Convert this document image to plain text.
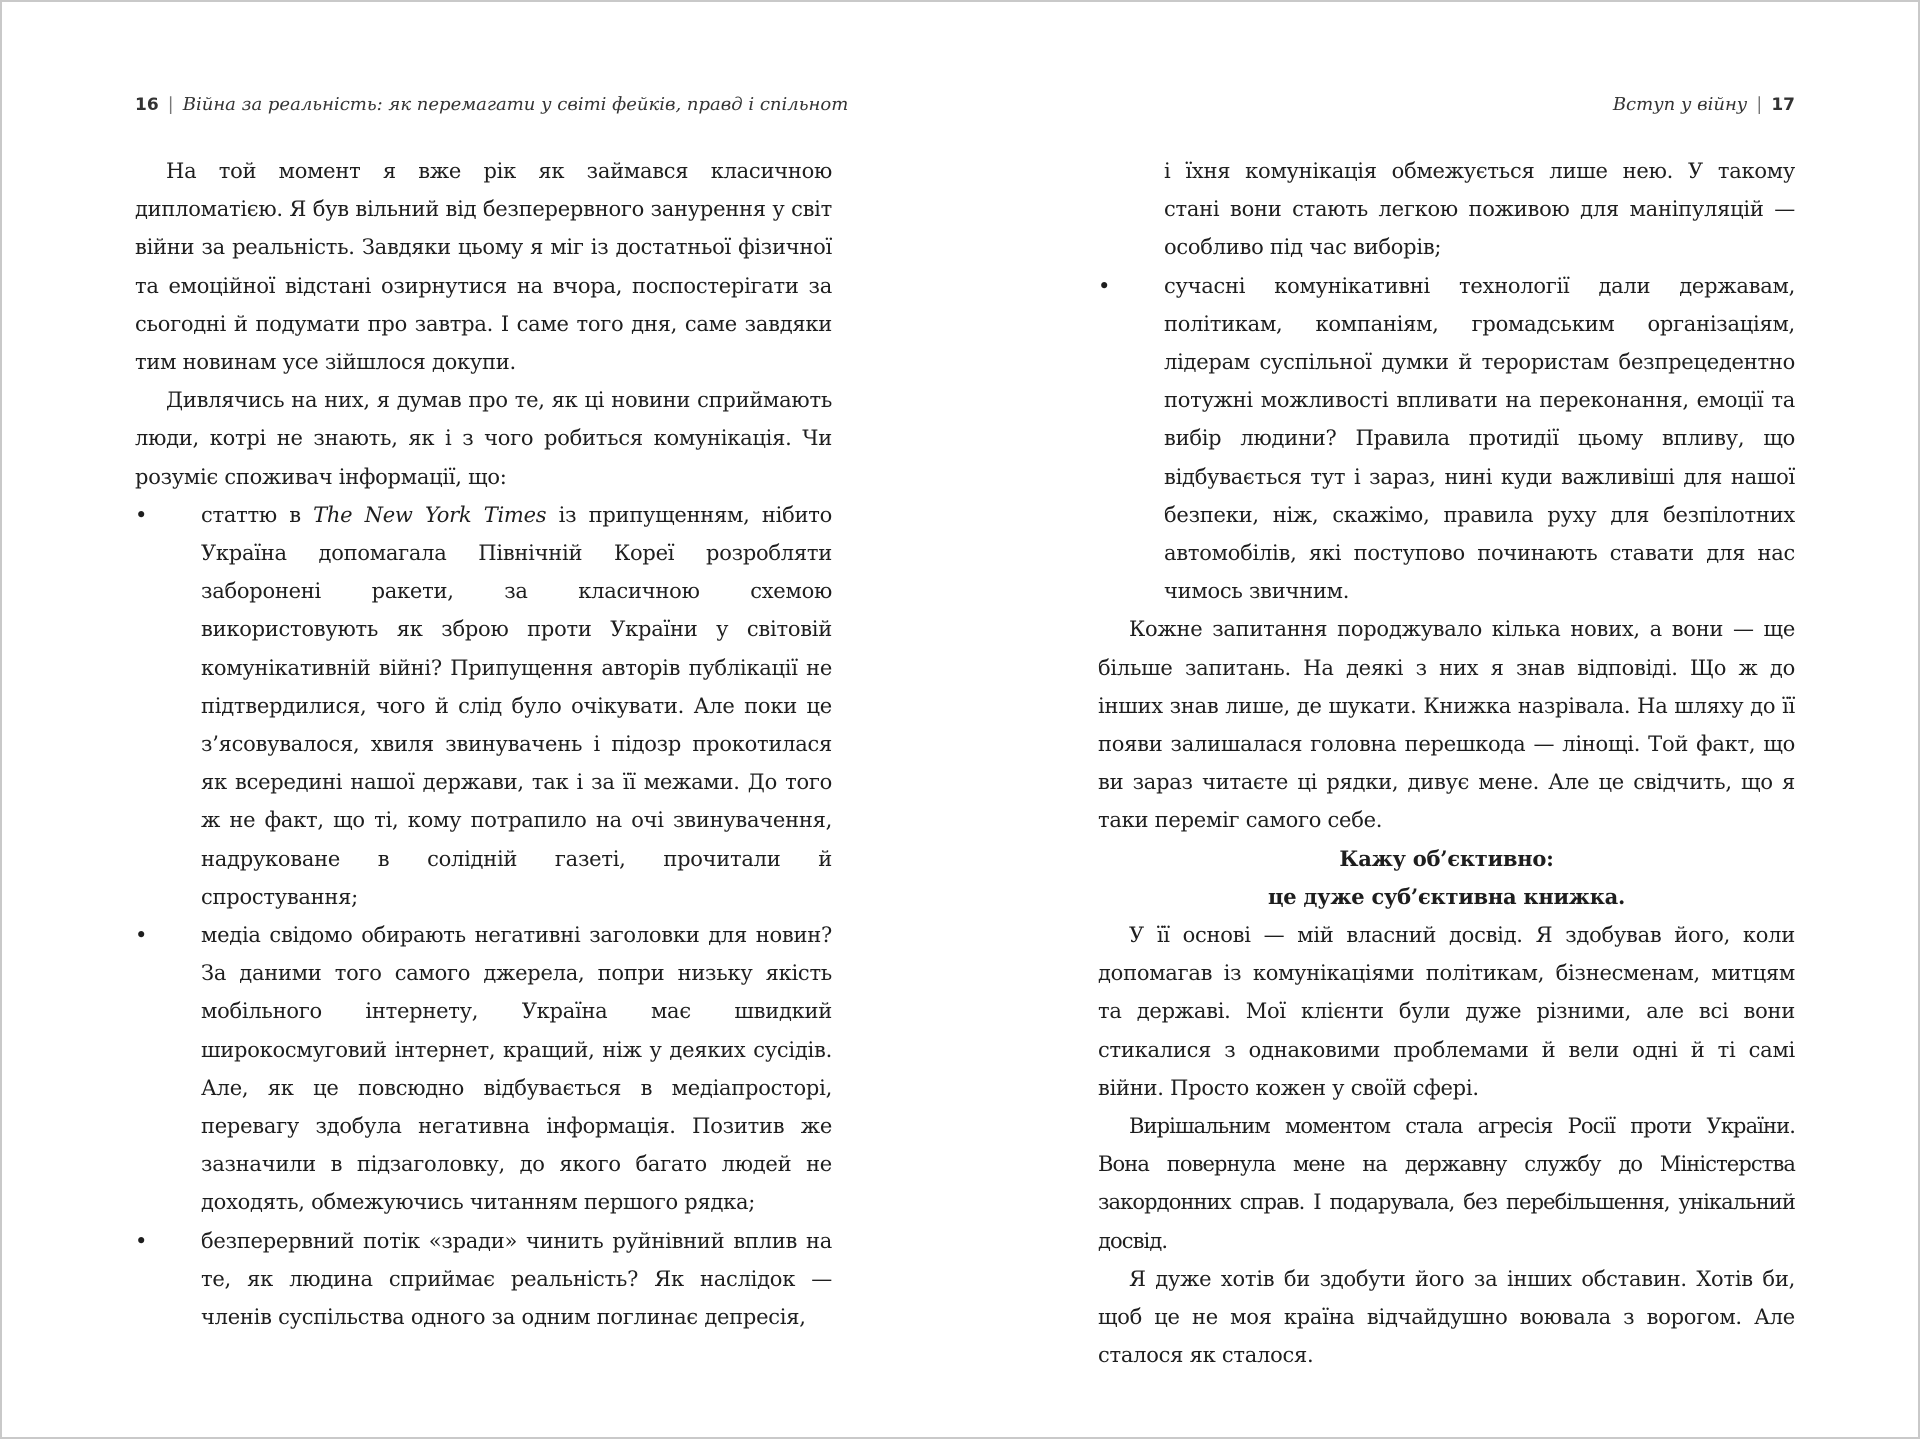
16 | Війна за реальність: як перемагати у світі фейків, правд і спільнот

На той момент я вже рік як займався класичною дипломатією. Я був вільний від безперервного занурення у світ війни за реальність. Завдяки цьому я міг із достатньої фізичної та емоційної відстані озирнутися на вчора, поспостерігати за сьогодні й подумати про завтра. І саме того дня, саме завдяки тим новинам усе зійшлося докупи.

Дивлячись на них, я думав про те, як ці новини сприймають люди, котрі не знають, як і з чого робиться комунікація. Чи розуміє споживач інформації, що:

•	статтю в The New York Times із припущенням, нібито Україна допомагала Північній Кореї розробляти заборонені ракети, за класичною схемою використовують як зброю проти України у світовій комунікативній війні? Припущення авторів публікації не підтвердилися, чого й слід було очікувати. Але поки це з’ясовувалося, хвиля звинувачень і підозр прокотилася як всередині нашої держави, так і за її межами. До того ж не факт, що ті, кому потрапило на очі звинувачення, надруковане в солідній газеті, прочитали й спростування;
•	медіа свідомо обирають негативні заголовки для новин? За даними того самого джерела, попри низьку якість мобільного інтернету, Україна має швидкий широкосмуговий інтернет, кращий, ніж у деяких сусідів. Але, як це повсюдно відбувається в медіапросторі, перевагу здобула негативна інформація. Позитив же зазначили в підзаголовку, до якого багато людей не доходять, обмежуючись читанням першого рядка;
•	безперервний потік «зради» чинить руйнівний вплив на те, як людина сприймає реальність? Як наслідок — членів суспільства одного за одним поглинає депресія,
Вступ у війну | 17
і їхня комунікація обмежується лише нею. У такому стані вони стають легкою поживою для маніпуляцій — особливо під час виборів;
•	сучасні комунікативні технології дали державам, політикам, компаніям, громадським організаціям, лідерам суспільної думки й терористам безпрецедентно потужні можливості впливати на переконання, емоції та вибір людини? Правила протидії цьому впливу, що відбувається тут і зараз, нині куди важливіші для нашої безпеки, ніж, скажімо, правила руху для безпілотних автомобілів, які поступово починають ставати для нас чимось звичним.

Кожне запитання породжувало кілька нових, а вони — ще більше запитань. На деякі з них я знав відповіді. Що ж до інших знав лише, де шукати. Книжка назрівала. На шляху до її появи залишалася головна перешкода — лінощі. Той факт, що ви зараз читаєте ці рядки, дивує мене. Але це свідчить, що я таки переміг самого себе.

Кажу об’єктивно:

це дуже суб’єктивна книжка.

У її основі — мій власний досвід. Я здобував його, коли допомагав із комунікаціями політикам, бізнесменам, митцям та державі. Мої клієнти були дуже різними, але всі вони стикалися з однаковими проблемами й вели одні й ті самі війни. Просто кожен у своїй сфері.

Вирішальним моментом стала агресія Росії проти України. Вона повернула мене на державну службу до Міністерства закордонних справ. І подарувала, без перебільшення, унікальний досвід.

Я дуже хотів би здобути його за інших обставин. Хотів би, щоб це не моя країна відчайдушно воювала з ворогом. Але сталося як сталося.
